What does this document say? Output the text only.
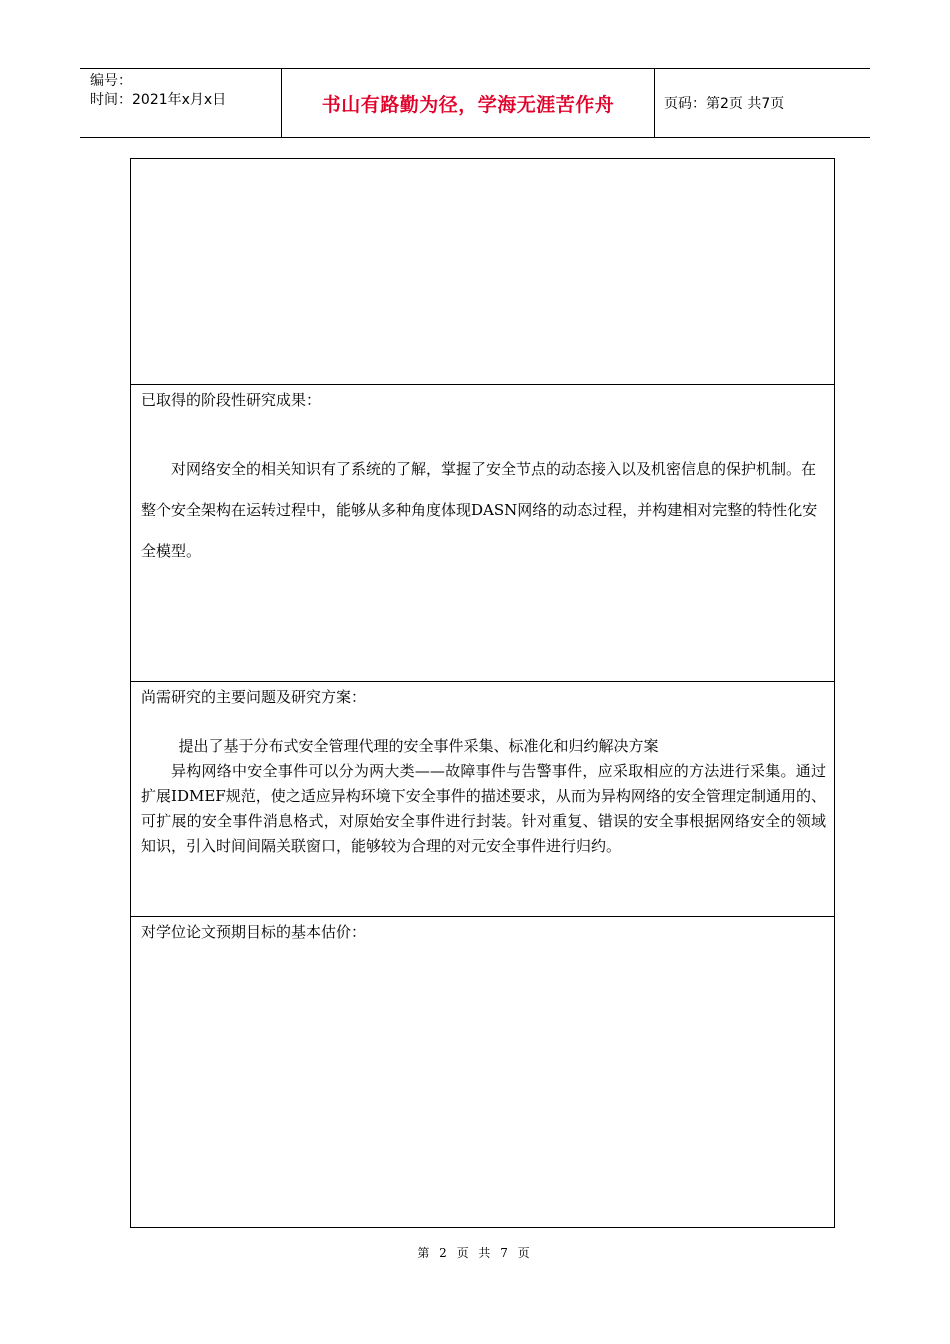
编号：
时间：2021年x月x日	书山有路勤为径，学海无涯苦作舟	页码：第2页 共7页
已取得的阶段性研究成果：
对网络安全的相关知识有了系统的了解，掌握了安全节点的动态接入以及机密信息的保护机制。在整个安全架构在运转过程中，能够从多种角度体现DASN网络的动态过程，并构建相对完整的特性化安全模型。
尚需研究的主要问题及研究方案：
提出了基于分布式安全管理代理的安全事件采集、标准化和归约解决方案
异构网络中安全事件可以分为两大类——故障事件与告警事件，应采取相应的方法进行采集。通过扩展IDMEF规范，使之适应异构环境下安全事件的描述要求，从而为异构网络的安全管理定制通用的、可扩展的安全事件消息格式，对原始安全事件进行封装。针对重复、错误的安全事根据网络安全的领域知识，引入时间间隔关联窗口，能够较为合理的对元安全事件进行归约。
对学位论文预期目标的基本估价：
第 2 页 共 7 页
